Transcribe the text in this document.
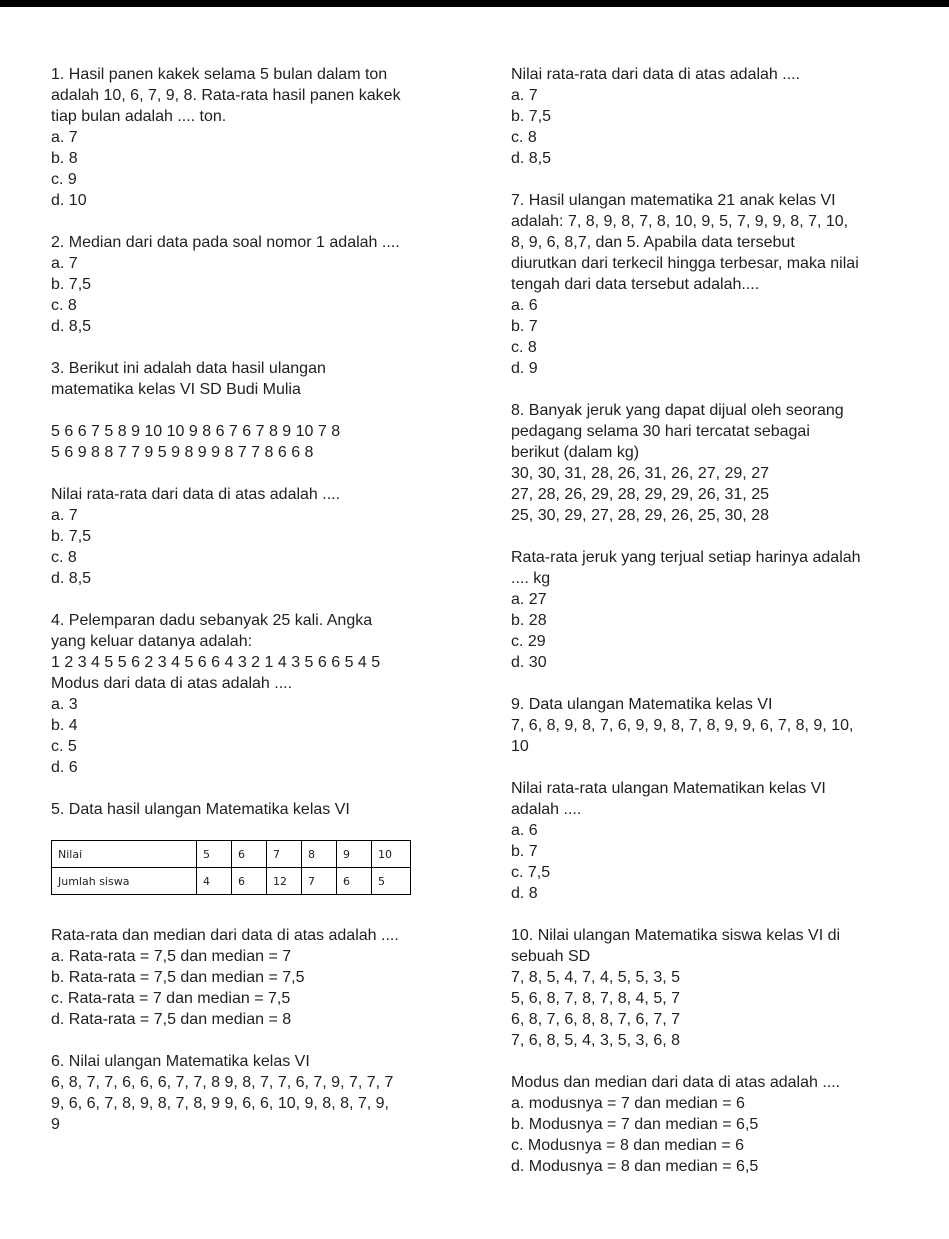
1. Hasil panen kakek selama 5 bulan dalam ton
adalah 10, 6, 7, 9, 8. Rata-rata hasil panen kakek
tiap bulan adalah .... ton.
a. 7
b. 8
c. 9
d. 10
2. Median dari data pada soal nomor 1 adalah ....
a. 7
b. 7,5
c. 8
d. 8,5
3. Berikut ini adalah data hasil ulangan
matematika kelas VI SD Budi Mulia
5 6 6 7 5 8 9 10 10 9 8 6 7 6 7 8 9 10 7 8
5 6 9 8 8 7 7 9 5 9 8 9 9 8 7 7 8 6 6 8
Nilai rata-rata dari data di atas adalah ....
a. 7
b. 7,5
c. 8
d. 8,5
4. Pelemparan dadu sebanyak 25 kali. Angka
yang keluar datanya adalah:
1 2 3 4 5 5 6 2 3 4 5 6 6 4 3 2 1 4 3 5 6 6 5 4 5
Modus dari data di atas adalah ....
a. 3
b. 4
c. 5
d. 6
5. Data hasil ulangan Matematika kelas VI
Nilai	5	6	7	8	9	10
Jumlah siswa	4	6	12	7	6	5
Rata-rata dan median dari data di atas adalah ....
a. Rata-rata = 7,5 dan median = 7
b. Rata-rata = 7,5 dan median = 7,5
c. Rata-rata = 7 dan median = 7,5
d. Rata-rata = 7,5 dan median = 8
6. Nilai ulangan Matematika kelas VI
6, 8, 7, 7, 6, 6, 6, 7, 7, 8 9, 8, 7, 7, 6, 7, 9, 7, 7, 7
9, 6, 6, 7, 8, 9, 8, 7, 8, 9 9, 6, 6, 10, 9, 8, 8, 7, 9,
9
Nilai rata-rata dari data di atas adalah ....
a. 7
b. 7,5
c. 8
d. 8,5
7. Hasil ulangan matematika 21 anak kelas VI
adalah: 7, 8, 9, 8, 7, 8, 10, 9, 5, 7, 9, 9, 8, 7, 10,
8, 9, 6, 8,7, dan 5. Apabila data tersebut
diurutkan dari terkecil hingga terbesar, maka nilai
tengah dari data tersebut adalah....
a. 6
b. 7
c. 8
d. 9
8. Banyak jeruk yang dapat dijual oleh seorang
pedagang selama 30 hari tercatat sebagai
berikut (dalam kg)
30, 30, 31, 28, 26, 31, 26, 27, 29, 27
27, 28, 26, 29, 28, 29, 29, 26, 31, 25
25, 30, 29, 27, 28, 29, 26, 25, 30, 28
Rata-rata jeruk yang terjual setiap harinya adalah
.... kg
a. 27
b. 28
c. 29
d. 30
9. Data ulangan Matematika kelas VI
7, 6, 8, 9, 8, 7, 6, 9, 9, 8, 7, 8, 9, 9, 6, 7, 8, 9, 10,
10
Nilai rata-rata ulangan Matematikan kelas VI
adalah ....
a. 6
b. 7
c. 7,5
d. 8
10. Nilai ulangan Matematika siswa kelas VI di
sebuah SD
7, 8, 5, 4, 7, 4, 5, 5, 3, 5
5, 6, 8, 7, 8, 7, 8, 4, 5, 7
6, 8, 7, 6, 8, 8, 7, 6, 7, 7
7, 6, 8, 5, 4, 3, 5, 3, 6, 8
Modus dan median dari data di atas adalah ....
a. modusnya = 7 dan median = 6
b. Modusnya = 7 dan median = 6,5
c. Modusnya = 8 dan median = 6
d. Modusnya = 8 dan median = 6,5
